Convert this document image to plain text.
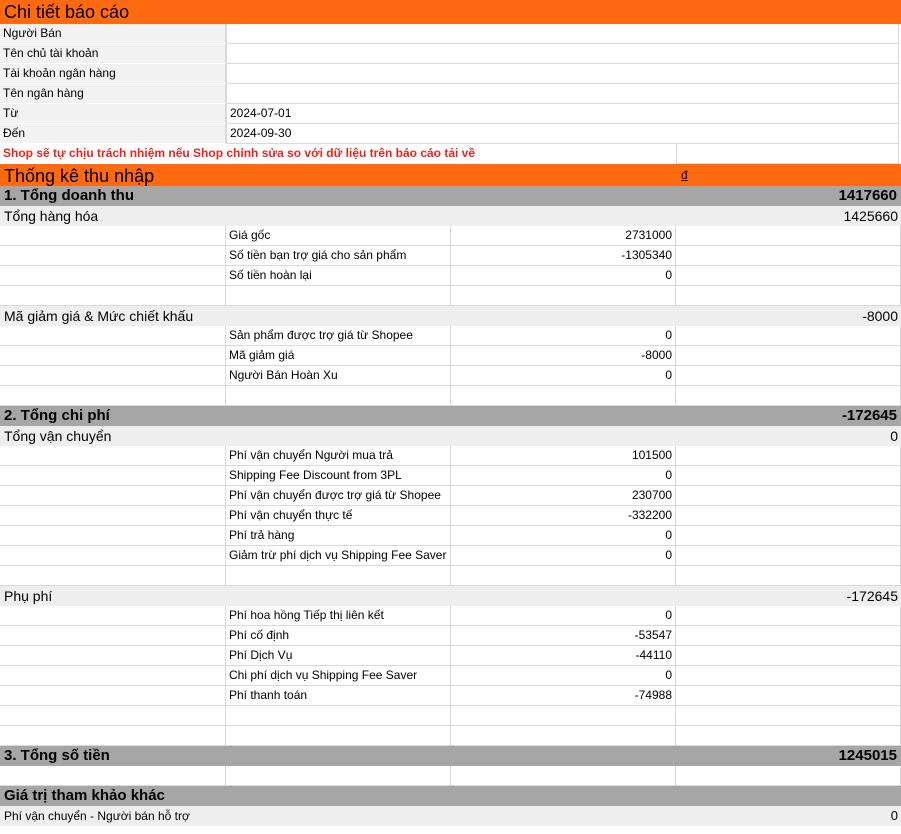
Chi tiết báo cáo
Người Bán
Tên chủ tài khoản
Tài khoản ngân hàng
Tên ngân hàng
Từ	2024-07-01
Đến	2024-09-30
Shop sẽ tự chịu trách nhiệm nếu Shop chỉnh sửa so với dữ liệu trên báo cáo tải về
Thống kê thu nhập	đ
1. Tổng doanh thu	1417660
Tổng hàng hóa	1425660
Giá gốc	2731000
Số tiền bạn trợ giá cho sản phẩm	-1305340
Số tiền hoàn lại	0
Mã giảm giá & Mức chiết khấu	-8000
Sản phẩm được trợ giá từ Shopee	0
Mã giảm giá	-8000
Người Bán Hoàn Xu	0
2. Tổng chi phí	-172645
Tổng vận chuyển	0
Phí vận chuyển Người mua trả	101500
Shipping Fee Discount from 3PL	0
Phí vận chuyển được trợ giá từ Shopee	230700
Phí vận chuyển thực tế	-332200
Phí trả hàng	0
Giảm trừ phí dịch vụ Shipping Fee Saver	0
Phụ phí	-172645
Phí hoa hồng Tiếp thị liên kết	0
Phí cố định	-53547
Phí Dịch Vụ	-44110
Chi phí dịch vụ Shipping Fee Saver	0
Phí thanh toán	-74988
3. Tổng số tiền	1245015
Giá trị tham khảo khác
Phí vận chuyển - Người bán hỗ trợ	0
